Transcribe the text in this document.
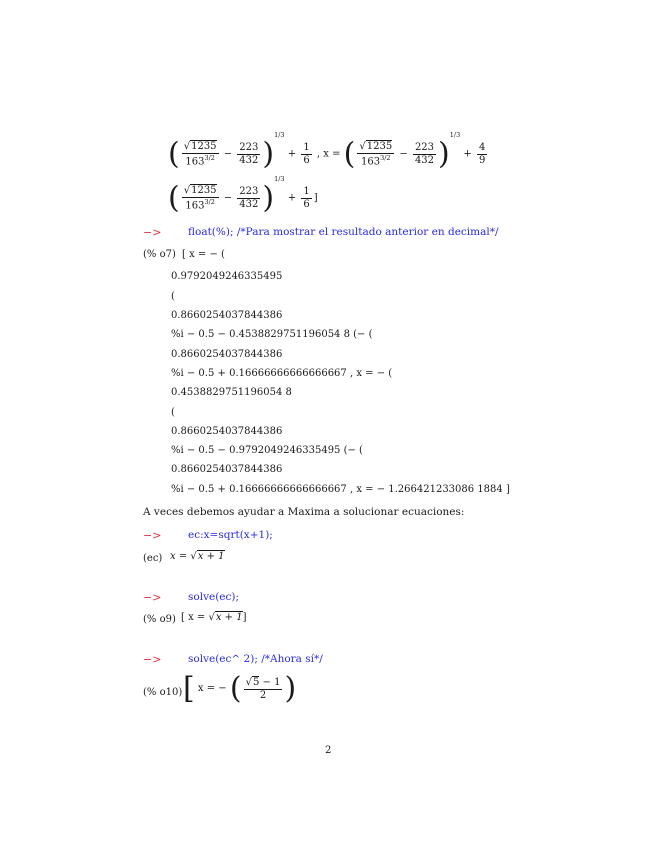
( $\frac{√1235}{163^{3/2}} - \frac{223}{432} )^{1/3} + \frac{1}{6}$ , x = ( $\frac{√1235}{163^{3/2}} - \frac{223}{432} )^{1/3} + \frac{4}{9}$
( $\frac{√1235}{163^{3/2}} - \frac{223}{432} )^{1/3} + \frac{1}{6}$ ]
−>	float(%); /*Para mostrar el resultado anterior en decimal*/
(% o7) [ x = − (
0.9792049246335495
(
0.8660254037844386
%i − 0.5 − 0.4538829751196054 8 (− (
0.8660254037844386
%i − 0.5 + 0.16666666666666667 , x = − (
0.4538829751196054 8
(
0.8660254037844386
%i − 0.5 − 0.9792049246335495 (− (
0.8660254037844386
%i − 0.5 + 0.16666666666666667 , x = − 1.266421233086 1884 ]
A veces debemos ayudar a Maxima a solucionar ecuaciones:
−>	ec:x=sqrt(x+1);
(ec) x = √x + 1
−>	solve(ec);
(% o9) [ x = √x + 1]
−>	solve(ec^ 2); /*Ahora sí*/
(% o10) [ x = − ( $\frac{√5 - 1}{2}$ )
2
